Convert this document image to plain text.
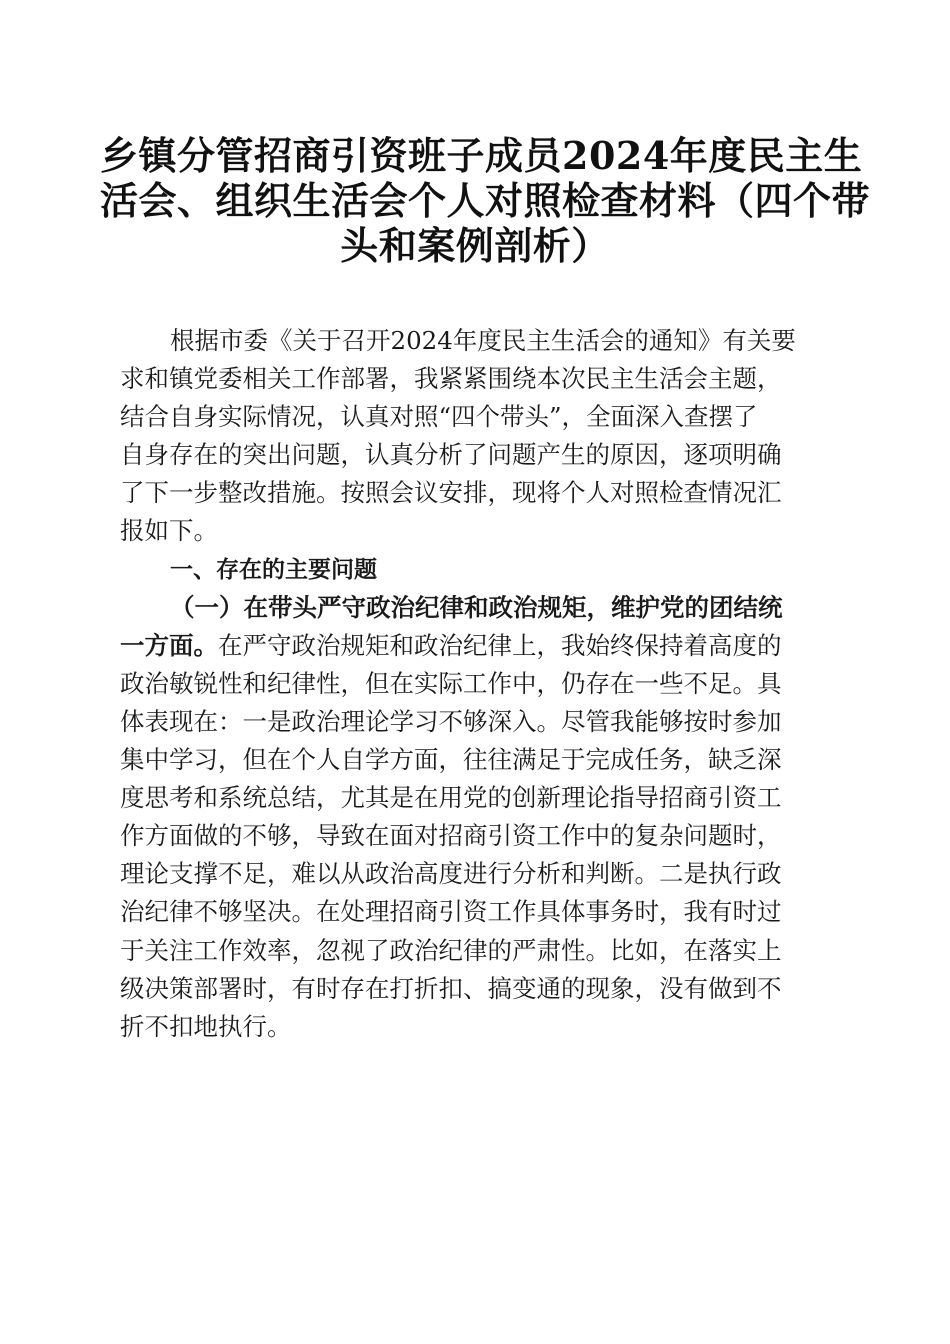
乡镇分管招商引资班子成员2024年度民主生
活会、组织生活会个人对照检查材料（四个带
头和案例剖析）
根据市委《关于召开2024年度民主生活会的通知》有关要
求和镇党委相关工作部署，我紧紧围绕本次民主生活会主题，
结合自身实际情况，认真对照“四个带头”，全面深入查摆了
自身存在的突出问题，认真分析了问题产生的原因，逐项明确
了下一步整改措施。按照会议安排，现将个人对照检查情况汇
报如下。
一、存在的主要问题
（一）在带头严守政治纪律和政治规矩，维护党的团结统
一方面。在严守政治规矩和政治纪律上，我始终保持着高度的
政治敏锐性和纪律性，但在实际工作中，仍存在一些不足。具
体表现在：一是政治理论学习不够深入。尽管我能够按时参加
集中学习，但在个人自学方面，往往满足于完成任务，缺乏深
度思考和系统总结，尤其是在用党的创新理论指导招商引资工
作方面做的不够，导致在面对招商引资工作中的复杂问题时，
理论支撑不足，难以从政治高度进行分析和判断。二是执行政
治纪律不够坚决。在处理招商引资工作具体事务时，我有时过
于关注工作效率，忽视了政治纪律的严肃性。比如，在落实上
级决策部署时，有时存在打折扣、搞变通的现象，没有做到不
折不扣地执行。
